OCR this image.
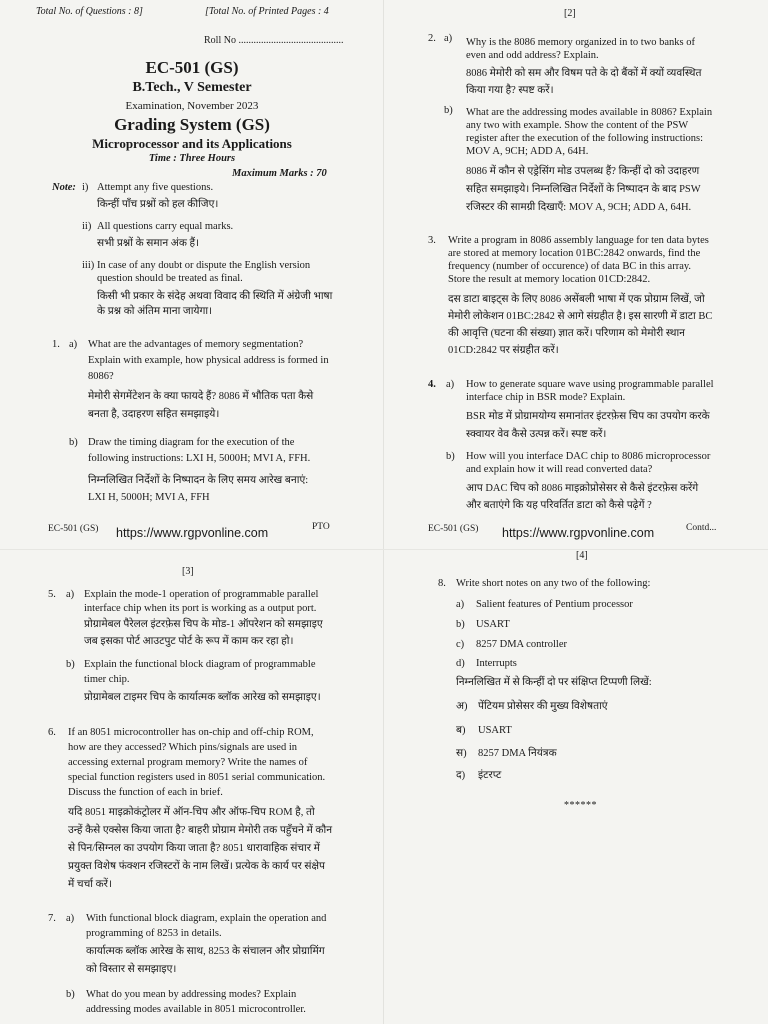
Total No. of Questions : 8]	[Total No. of Printed Pages : 4
Roll No ..........................................
EC-501 (GS)
B.Tech., V Semester
Examination, November 2023
Grading System (GS)
Microprocessor and its Applications
Time : Three Hours
Maximum Marks : 70
Note: i) Attempt any five questions.
किन्हीं पाँच प्रश्नों को हल कीजिए।
ii) All questions carry equal marks.
सभी प्रश्नों के समान अंक हैं।
iii) In case of any doubt or dispute the English version
question should be treated as final.
किसी भी प्रकार के संदेह अथवा विवाद की स्थिति में अंग्रेजी भाषा
के प्रश्न को अंतिम माना जायेगा।
1. a) What are the advantages of memory segmentation?
Explain with example, how physical address is formed in
8086?
मेमोरी सेगमेंटेशन के क्या फायदे हैं? 8086 में भौतिक पता कैसे
बनता है, उदाहरण सहित समझाइये।
b) Draw the timing diagram for the execution of the
following instructions: LXI H, 5000H; MVI A, FFH.
निम्नलिखित निर्देशों के निष्पादन के लिए समय आरेख बनाएं:
LXI H, 5000H; MVI A, FFH
EC-501 (GS) https://www.rgpvonline.com	PTO
[2]
2. a) Why is the 8086 memory organized in to two banks of
even and odd address? Explain.
8086 मेमोरी को सम और विषम पते के दो बैंकों में क्यों व्यवस्थित
किया गया है? स्पष्ट करें।
b) What are the addressing modes available in 8086? Explain
any two with example. Show the content of the PSW
register after the execution of the following instructions:
MOV A, 9CH; ADD A, 64H.
8086 में कौन से एड्रेसिंग मोड उपलब्ध हैं? किन्हीं दो को उदाहरण
सहित समझाइये। निम्नलिखित निर्देशों के निष्पादन के बाद PSW
रजिस्टर की सामग्री दिखाएँ: MOV A, 9CH; ADD A, 64H.
3. Write a program in 8086 assembly language for ten data bytes
are stored at memory location 01BC:2842 onwards, find the
frequency (number of occurence) of data BC in this array.
Store the result at memory location 01CD:2842.
दस डाटा बाइट्स के लिए 8086 असेंबली भाषा में एक प्रोग्राम लिखें, जो
मेमोरी लोकेशन 01BC:2842 से आगे संग्रहीत है। इस सारणी में डाटा BC
की आवृत्ति (घटना की संख्या) ज्ञात करें। परिणाम को मेमोरी स्थान
01CD:2842 पर संग्रहीत करें।
4. a) How to generate square wave using programmable parallel
interface chip in BSR mode? Explain.
BSR मोड में प्रोग्रामयोग्य समानांतर इंटरफ़ेस चिप का उपयोग करके
स्क्वायर वेव कैसे उत्पन्न करें। स्पष्ट करें।
b) How will you interface DAC chip to 8086 microprocessor
and explain how it will read converted data?
आप DAC चिप को 8086 माइक्रोप्रोसेसर से कैसे इंटरफ़ेस करेंगे
और बताएंगे कि यह परिवर्तित डाटा को कैसे पढ़ेगें ?
EC-501 (GS) https://www.rgpvonline.com	Contd...
[3]
5. a) Explain the mode-1 operation of programmable parallel
interface chip when its port is working as a output port.
प्रोग्रामेबल पैरेलल इंटरफ़ेस चिप के मोड-1 ऑपरेशन को समझाइए
जब इसका पोर्ट आउटपुट पोर्ट के रूप में काम कर रहा हो।
b) Explain the functional block diagram of programmable
timer chip.
प्रोग्रामेबल टाइमर चिप के कार्यात्मक ब्लॉक आरेख को समझाइए।
6. If an 8051 microcontroller has on-chip and off-chip ROM,
how are they accessed? Which pins/signals are used in
accessing external program memory? Write the names of
special function registers used in 8051 serial communication.
Discuss the function of each in brief.
यदि 8051 माइक्रोकंट्रोलर में ऑन-चिप और ऑफ-चिप ROM है, तो
उन्हें कैसे एक्सेस किया जाता है? बाहरी प्रोग्राम मेमोरी तक पहुँचने में कौन
से पिन/सिग्नल का उपयोग किया जाता है? 8051 धारावाहिक संचार में
प्रयुक्त विशेष फंक्शन रजिस्टरों के नाम लिखें। प्रत्येक के कार्य पर संक्षेप
में चर्चा करें।
7. a) With functional block diagram, explain the operation and
programming of 8253 in details.
कार्यात्मक ब्लॉक आरेख के साथ, 8253 के संचालन और प्रोग्रामिंग
को विस्तार से समझाइए।
b) What do you mean by addressing modes? Explain
addressing modes available in 8051 microcontroller.
[4]
8. Write short notes on any two of the following:
a) Salient features of Pentium processor
b) USART
c) 8257 DMA controller
d) Interrupts
निम्नलिखित में से किन्हीं दो पर संक्षिप्त टिप्पणी लिखें:
अ) पेंटियम प्रोसेसर की मुख्य विशेषताएं
ब) USART
स) 8257 DMA नियंत्रक
द) इंटरप्ट
******
